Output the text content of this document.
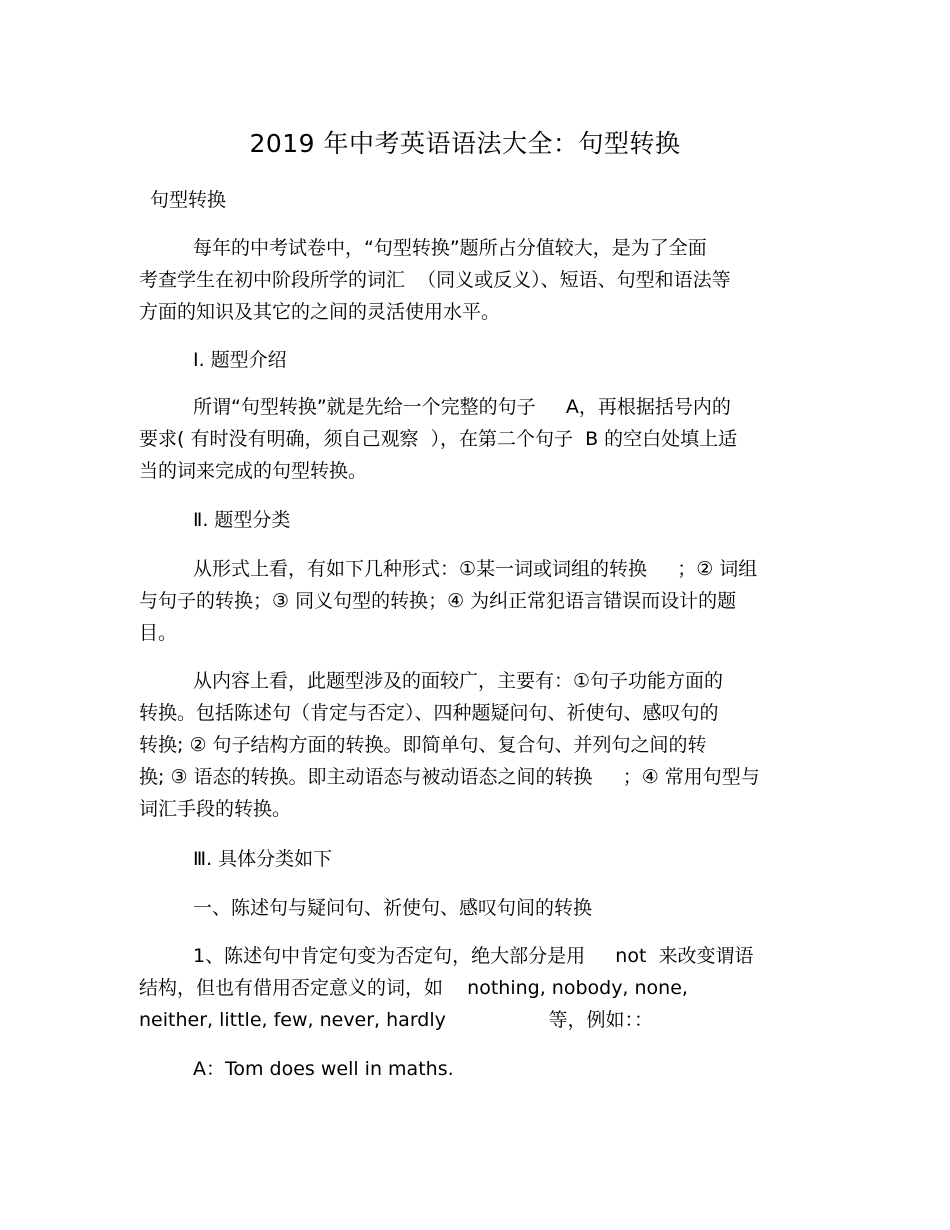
2019 年中考英语语法大全：句型转换
句型转换
每年的中考试卷中，“句型转换”题所占分值较大，是为了全面
考查学生在初中阶段所学的词汇  （同义或反义）、短语、句型和语法等
方面的知识及其它的之间的灵活使用水平。
I. 题型介绍
所谓“句型转换”就是先给一个完整的句子     A，再根据括号内的
要求( 有时没有明确，须自己观察  ），在第二个句子  B 的空白处填上适
当的词来完成的句型转换。
Ⅱ. 题型分类
从形式上看，有如下几种形式：①某一词或词组的转换     ；② 词组
与句子的转换；③ 同义句型的转换；④ 为纠正常犯语言错误而设计的题
目。
从内容上看，此题型涉及的面较广，主要有：①句子功能方面的
转换。包括陈述句（肯定与否定）、四种题疑问句、祈使句、感叹句的
转换; ② 句子结构方面的转换。即简单句、复合句、并列句之间的转
换; ③ 语态的转换。即主动语态与被动语态之间的转换     ；④ 常用句型与
词汇手段的转换。
Ⅲ. 具体分类如下
一、陈述句与疑问句、祈使句、感叹句间的转换
1、陈述句中肯定句变为否定句，绝大部分是用     not  来改变谓语
结构，但也有借用否定意义的词，如    nothing, nobody, none,
neither, little, few, never, hardly                 等，例如：：
A：Tom does well in maths.
